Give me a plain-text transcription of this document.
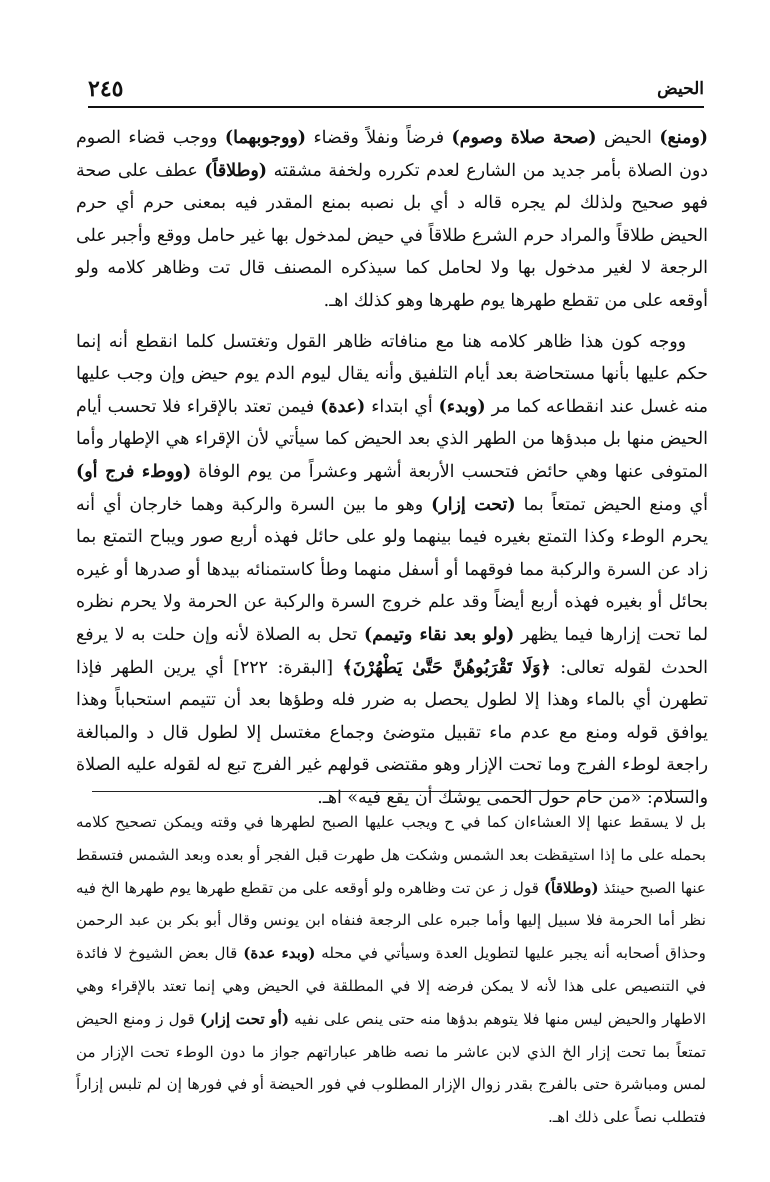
الحيض
٢٤٥

(ومنع) الحيض (صحة صلاة وصوم) فرضاً ونفلاً وقضاء (ووجوبهما) ووجب قضاء الصوم دون الصلاة بأمر جديد من الشارع لعدم تكرره ولخفة مشقته (وطلاقاً) عطف على صحة فهو صحيح ولذلك لم يجره قاله د أي بل نصبه بمنع المقدر فيه بمعنى حرم أي حرم الحيض طلاقاً والمراد حرم الشرع طلاقاً في حيض لمدخول بها غير حامل ووقع وأجبر على الرجعة لا لغير مدخول بها ولا لحامل كما سيذكره المصنف قال تت وظاهر كلامه ولو أوقعه على من تقطع طهرها يوم طهرها وهو كذلك اهـ.

ووجه كون هذا ظاهر كلامه هنا مع منافاته ظاهر القول وتغتسل كلما انقطع أنه إنما حكم عليها بأنها مستحاضة بعد أيام التلفيق وأنه يقال ليوم الدم يوم حيض وإن وجب عليها منه غسل عند انقطاعه كما مر (وبدء) أي ابتداء (عدة) فيمن تعتد بالإقراء فلا تحسب أيام الحيض منها بل مبدؤها من الطهر الذي بعد الحيض كما سيأتي لأن الإقراء هي الإطهار وأما المتوفى عنها وهي حائض فتحسب الأربعة أشهر وعشراً من يوم الوفاة (ووطء فرج أو) أي ومنع الحيض تمتعاً بما (تحت إزار) وهو ما بين السرة والركبة وهما خارجان أي أنه يحرم الوطء وكذا التمتع بغيره فيما بينهما ولو على حائل فهذه أربع صور ويباح التمتع بما زاد عن السرة والركبة مما فوقهما أو أسفل منهما وطأ كاستمنائه بيدها أو صدرها أو غيره بحائل أو بغيره فهذه أربع أيضاً وقد علم خروج السرة والركبة عن الحرمة ولا يحرم نظره لما تحت إزارها فيما يظهر (ولو بعد نقاء وتيمم) تحل به الصلاة لأنه وإن حلت به لا يرفع الحدث لقوله تعالى: ﴿وَلَا تَقْرَبُوهُنَّ حَتَّىٰ يَطْهُرْنَ﴾ [البقرة: ٢٢٢] أي يرين الطهر فإذا تطهرن أي بالماء وهذا إلا لطول يحصل به ضرر فله وطؤها بعد أن تتيمم استحباباً وهذا يوافق قوله ومنع مع عدم ماء تقبيل متوضئ وجماع مغتسل إلا لطول قال د والمبالغة راجعة لوطء الفرج وما تحت الإزار وهو مقتضى قولهم غير الفرج تبع له لقوله عليه الصلاة والسلام: «من حام حول الحمى يوشك أن يقع فيه» اهـ.

بل لا يسقط عنها إلا العشاءان كما في ح ويجب عليها الصبح لطهرها في وقته ويمكن تصحيح كلامه بحمله على ما إذا استيقظت بعد الشمس وشكت هل طهرت قبل الفجر أو بعده وبعد الشمس فتسقط عنها الصبح حينئذ (وطلاقاً) قول ز عن تت وظاهره ولو أوقعه على من تقطع طهرها يوم طهرها الخ فيه نظر أما الحرمة فلا سبيل إليها وأما جبره على الرجعة فنفاه ابن يونس وقال أبو بكر بن عبد الرحمن وحذاق أصحابه أنه يجبر عليها لتطويل العدة وسيأتي في محله (وبدء عدة) قال بعض الشيوخ لا فائدة في التنصيص على هذا لأنه لا يمكن فرضه إلا في المطلقة في الحيض وهي إنما تعتد بالإقراء وهي الاطهار والحيض ليس منها فلا يتوهم بدؤها منه حتى ينص على نفيه (أو تحت إزار) قول ز ومنع الحيض تمتعاً بما تحت إزار الخ الذي لابن عاشر ما نصه ظاهر عباراتهم جواز ما دون الوطء تحت الإزار من لمس ومباشرة حتى بالفرج بقدر زوال الإزار المطلوب في فور الحيضة أو في فورها إن لم تلبس إزاراً فتطلب نصاً على ذلك اهـ.
